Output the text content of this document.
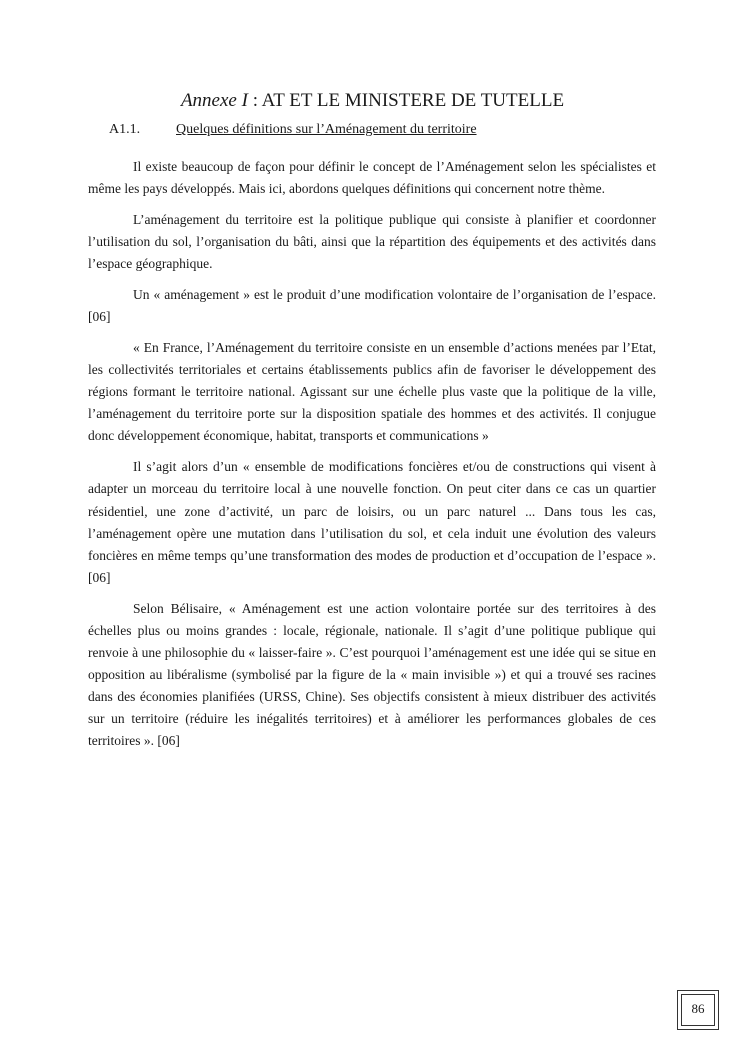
Annexe I : AT ET LE MINISTERE DE TUTELLE
A1.1.	Quelques définitions sur l’Aménagement du territoire

Il existe beaucoup de façon pour définir le concept de l’Aménagement selon les spécialistes et même les pays développés. Mais ici, abordons quelques définitions qui concernent notre thème.

L’aménagement du territoire est la politique publique qui consiste à planifier et coordonner l’utilisation du sol, l’organisation du bâti, ainsi que la répartition des équipements et des activités dans l’espace géographique.

Un « aménagement » est le produit d’une modification volontaire de l’organisation de l’espace. [06]

« En France, l’Aménagement du territoire consiste en un ensemble d’actions menées par l’Etat, les collectivités territoriales et certains établissements publics afin de favoriser le développement des régions formant le territoire national. Agissant sur une échelle plus vaste que la politique de la ville, l’aménagement du territoire porte sur la disposition spatiale des hommes et des activités. Il conjugue donc développement économique, habitat, transports et communications »

Il s’agit alors d’un « ensemble de modifications foncières et/ou de constructions qui visent à adapter un morceau du territoire local à une nouvelle fonction. On peut citer dans ce cas un quartier résidentiel, une zone d’activité, un parc de loisirs, ou un parc naturel ... Dans tous les cas, l’aménagement opère une mutation dans l’utilisation du sol, et cela induit une évolution des valeurs foncières en même temps qu’une transformation des modes de production et d’occupation de l’espace ». [06]

Selon Bélisaire, « Aménagement est une action volontaire portée sur des territoires à des échelles plus ou moins grandes : locale, régionale, nationale. Il s’agit d’une politique publique qui renvoie à une philosophie du « laisser-faire ». C’est pourquoi l’aménagement est une idée qui se situe en opposition au libéralisme (symbolisé par la figure de la « main invisible ») et qui a trouvé ses racines dans des économies planifiées (URSS, Chine). Ses objectifs consistent à mieux distribuer des activités sur un territoire (réduire les inégalités territoires) et à améliorer les performances globales de ces territoires ». [06]

86
